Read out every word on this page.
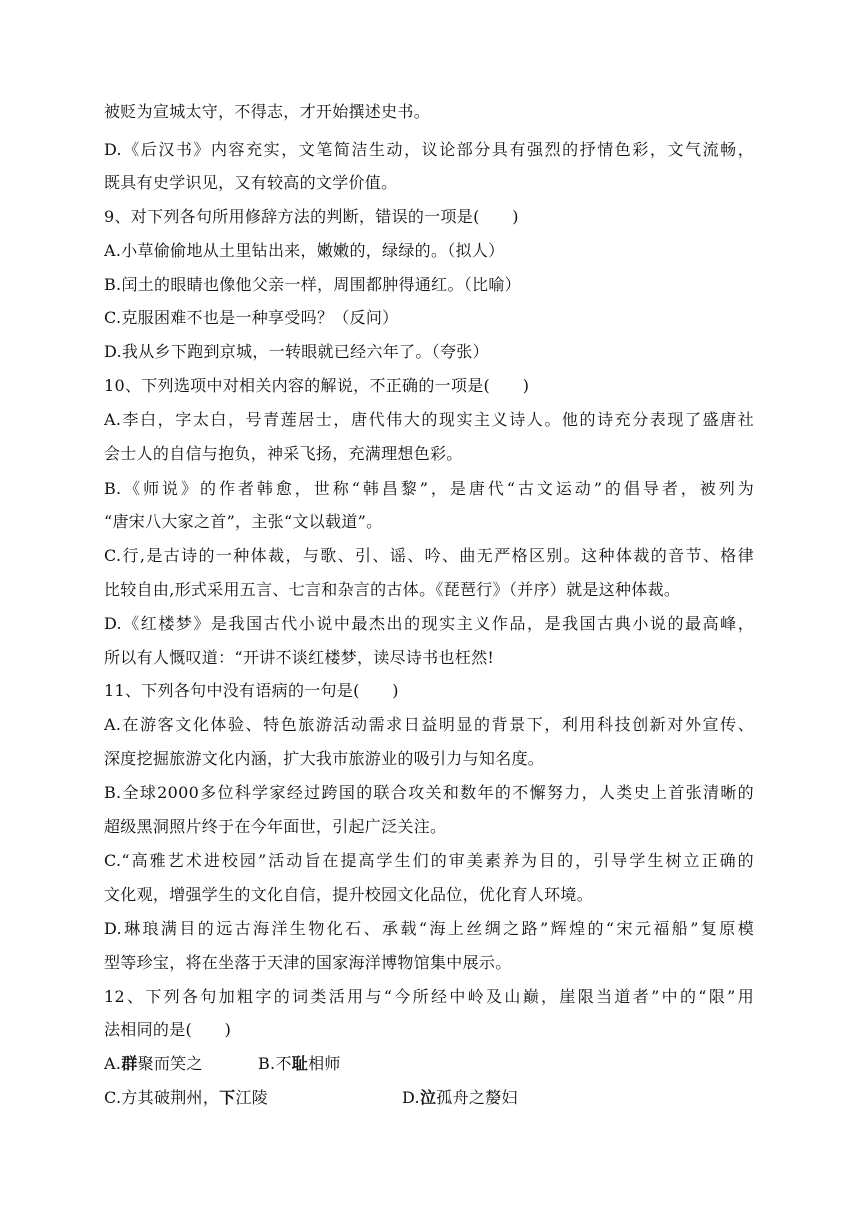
被贬为宣城太守，不得志，才开始撰述史书。
D.《后汉书》内容充实，文笔简洁生动，议论部分具有强烈的抒情色彩，文气流畅，
既具有史学识见，又有较高的文学价值。
9、对下列各句所用修辞方法的判断，错误的一项是(　　)
A.小草偷偷地从土里钻出来，嫩嫩的，绿绿的。（拟人）
B.闰土的眼睛也像他父亲一样，周围都肿得通红。（比喻）
C.克服困难不也是一种享受吗？（反问）
D.我从乡下跑到京城，一转眼就已经六年了。（夸张）
10、下列选项中对相关内容的解说，不正确的一项是(　　)
A.李白，字太白，号青莲居士，唐代伟大的现实主义诗人。他的诗充分表现了盛唐社
会士人的自信与抱负，神采飞扬，充满理想色彩。
B.《师说》的作者韩愈，世称“韩昌黎”，是唐代“古文运动”的倡导者，被列为
“唐宋八大家之首”，主张“文以载道”。
C.行,是古诗的一种体裁，与歌、引、谣、吟、曲无严格区别。这种体裁的音节、格律
比较自由,形式采用五言、七言和杂言的古体。《琵琶行》（并序）就是这种体裁。
D.《红楼梦》是我国古代小说中最杰出的现实主义作品，是我国古典小说的最高峰，
所以有人慨叹道：“开讲不谈红楼梦，读尽诗书也枉然!
11、下列各句中没有语病的一句是(　　)
A.在游客文化体验、特色旅游活动需求日益明显的背景下，利用科技创新对外宣传、
深度挖掘旅游文化内涵，扩大我市旅游业的吸引力与知名度。
B.全球2000多位科学家经过跨国的联合攻关和数年的不懈努力，人类史上首张清晰的
超级黑洞照片终于在今年面世，引起广泛关注。
C.“高雅艺术进校园”活动旨在提高学生们的审美素养为目的，引导学生树立正确的
文化观，增强学生的文化自信，提升校园文化品位，优化育人环境。
D.琳琅满目的远古海洋生物化石、承载“海上丝绸之路”辉煌的“宋元福船”复原模
型等珍宝，将在坐落于天津的国家海洋博物馆集中展示。
12、下列各句加粗字的词类活用与“今所经中岭及山巅，崖限当道者”中的“限”用
法相同的是(　　)
A.群聚而笑之	B.不耻相师
C.方其破荆州，下江陵	D.泣孤舟之嫠妇
